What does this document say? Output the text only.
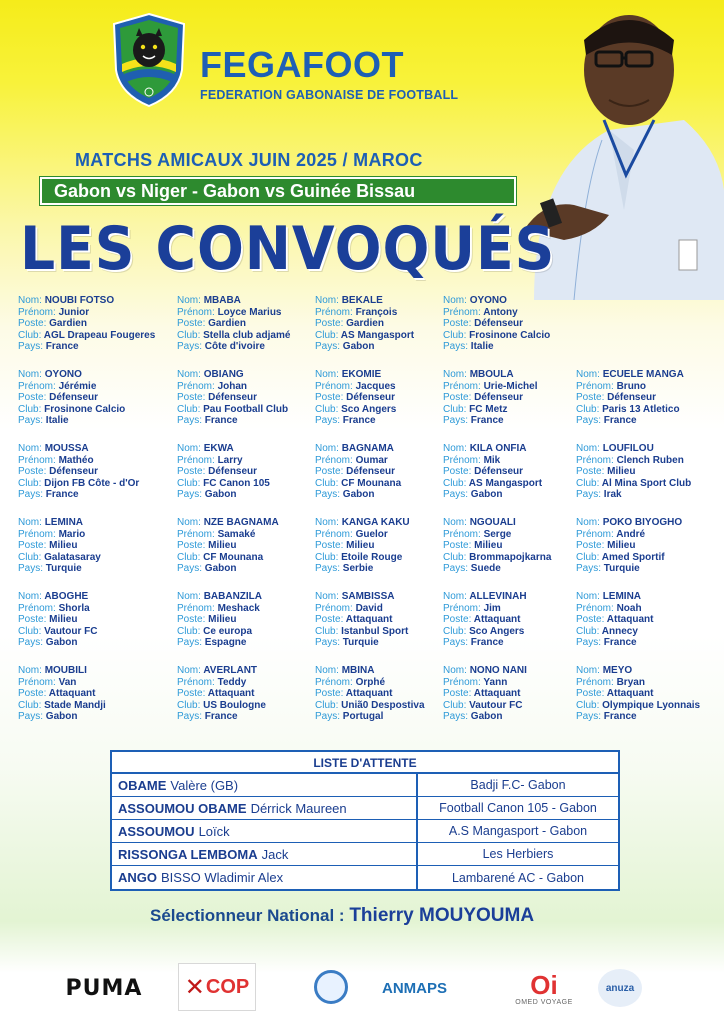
FEGAFOOT
FEDERATION GABONAISE DE FOOTBALL
MATCHS AMICAUX JUIN 2025 / MAROC
Gabon vs Niger - Gabon vs Guinée Bissau
LES CONVOQUÉS
Nom: NOUBI FOTSO
Prénom: Junior
Poste: Gardien
Club: AGL Drapeau Fougeres
Pays: France
Nom: MBABA
Prénom: Loyce Marius
Poste: Gardien
Club: Stella club adjamé
Pays: Côte d'ivoire
Nom: BEKALE
Prénom: François
Poste: Gardien
Club: AS Mangasport
Pays: Gabon
Nom: OYONO
Prénom: Antony
Poste: Défenseur
Club: Frosinone Calcio
Pays: Italie
Nom: OYONO
Prénom: Jérémie
Poste: Défenseur
Club: Frosinone Calcio
Pays: Italie
Nom: OBIANG
Prénom: Johan
Poste: Défenseur
Club: Pau Football Club
Pays: France
Nom: EKOMIE
Prénom: Jacques
Poste: Défenseur
Club: Sco Angers
Pays: France
Nom: MBOULA
Prénom: Urie-Michel
Poste: Défenseur
Club: FC Metz
Pays: France
Nom: ECUELE MANGA
Prénom: Bruno
Poste: Défenseur
Club: Paris 13 Atletico
Pays: France
Nom: MOUSSA
Prénom: Mathéo
Poste: Défenseur
Club: Dijon FB Côte - d'Or
Pays: France
Nom: EKWA
Prénom: Larry
Poste: Défenseur
Club: FC Canon 105
Pays: Gabon
Nom: BAGNAMA
Prénom: Oumar
Poste: Défenseur
Club: CF Mounana
Pays: Gabon
Nom: KILA ONFIA
Prénom: Mik
Poste: Défenseur
Club: AS Mangasport
Pays: Gabon
Nom: LOUFILOU
Prénom: Clench Ruben
Poste: Milieu
Club: Al Mina Sport Club
Pays: Irak
Nom: LEMINA
Prénom: Mario
Poste: Milieu
Club: Galatasaray
Pays: Turquie
Nom: NZE BAGNAMA
Prénom: Samaké
Poste: Milieu
Club: CF Mounana
Pays: Gabon
Nom: KANGA KAKU
Prénom: Guelor
Poste: Milieu
Club: Etoile Rouge
Pays: Serbie
Nom: NGOUALI
Prénom: Serge
Poste: Milieu
Club: Brommapojkarna
Pays: Suede
Nom: POKO BIYOGHO
Prénom: André
Poste: Milieu
Club: Amed Sportif
Pays: Turquie
Nom: ABOGHE
Prénom: Shorla
Poste: Milieu
Club: Vautour FC
Pays: Gabon
Nom: BABANZILA
Prénom: Meshack
Poste: Milieu
Club: Ce europa
Pays: Espagne
Nom: SAMBISSA
Prénom: David
Poste: Attaquant
Club: Istanbul Sport
Pays: Turquie
Nom: ALLEVINAH
Prénom: Jim
Poste: Attaquant
Club: Sco Angers
Pays: France
Nom: LEMINA
Prénom: Noah
Poste: Attaquant
Club: Annecy
Pays: France
Nom: MOUBILI
Prénom: Van
Poste: Attaquant
Club: Stade Mandji
Pays: Gabon
Nom: AVERLANT
Prénom: Teddy
Poste: Attaquant
Club: US Boulogne
Pays: France
Nom: MBINA
Prénom: Orphé
Poste: Attaquant
Club: Uniã0 Despostiva
Pays: Portugal
Nom: NONO NANI
Prénom: Yann
Poste: Attaquant
Club: Vautour FC
Pays: Gabon
Nom: MEYO
Prénom: Bryan
Poste: Attaquant
Club: Olympique Lyonnais
Pays: France
LISTE D'ATTENTE
OBAME Valère (GB)	Badji F.C- Gabon
ASSOUMOU OBAME Dérrick Maureen	Football Canon 105 - Gabon
ASSOUMOU Loïck	A.S Mangasport - Gabon
RISSONGA LEMBOMA Jack	Les Herbiers
ANGO BISSO Wladimir Alex	Lambarené AC - Gabon
Sélectionneur National : Thierry MOUYOUMA
PUMA ✕ COP	ANMAPS	Oi
OMED VOYAGE
anuza
